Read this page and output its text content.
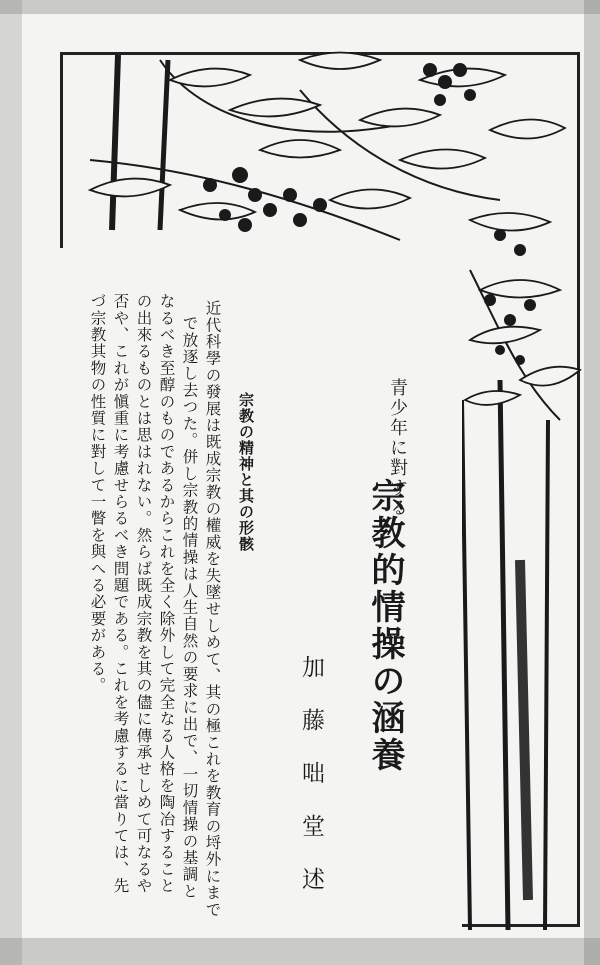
青少年に對する
宗教的情操の涵養
加藤咄堂述
宗教の精神と其の形骸
近代科學の發展は既成宗教の權威を失墜せしめて、其の極これを教育の埒外にまで
で放逐し去つた。併し宗教的情操は人生自然の要求に出で、一切情操の基調と
なるべき至醇のものであるからこれを全く除外して完全なる人格を陶冶すること
の出來るものとは思はれない。然らば既成宗教を其の儘に傳承せしめて可なるや
否や、これが愼重に考慮せらるべき問題である。これを考慮するに當りては、先
づ宗教其物の性質に對して一瞥を與へる必要がある。
